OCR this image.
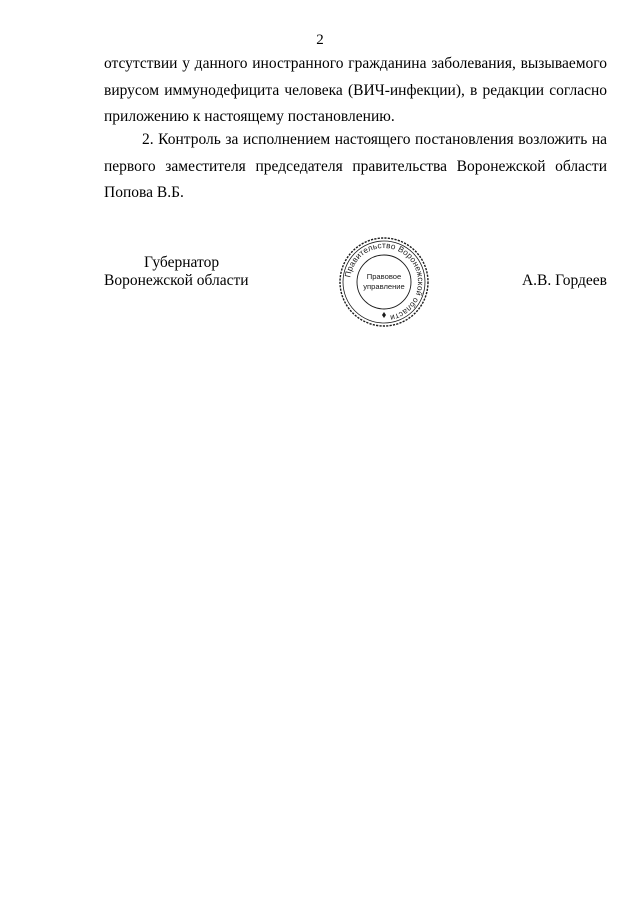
2
отсутствии у данного иностранного гражданина заболевания, вызываемого
вирусом иммунодефицита человека (ВИЧ-инфекции), в редакции согласно
приложению к настоящему постановлению.
2. Контроль за исполнением настоящего постановления возложить на
первого заместителя председателя правительства Воронежской области
Попова В.Б.
Губернатор
Воронежской области	Правительство Воронежской области
Правовое
управление	А.В. Гордеев
